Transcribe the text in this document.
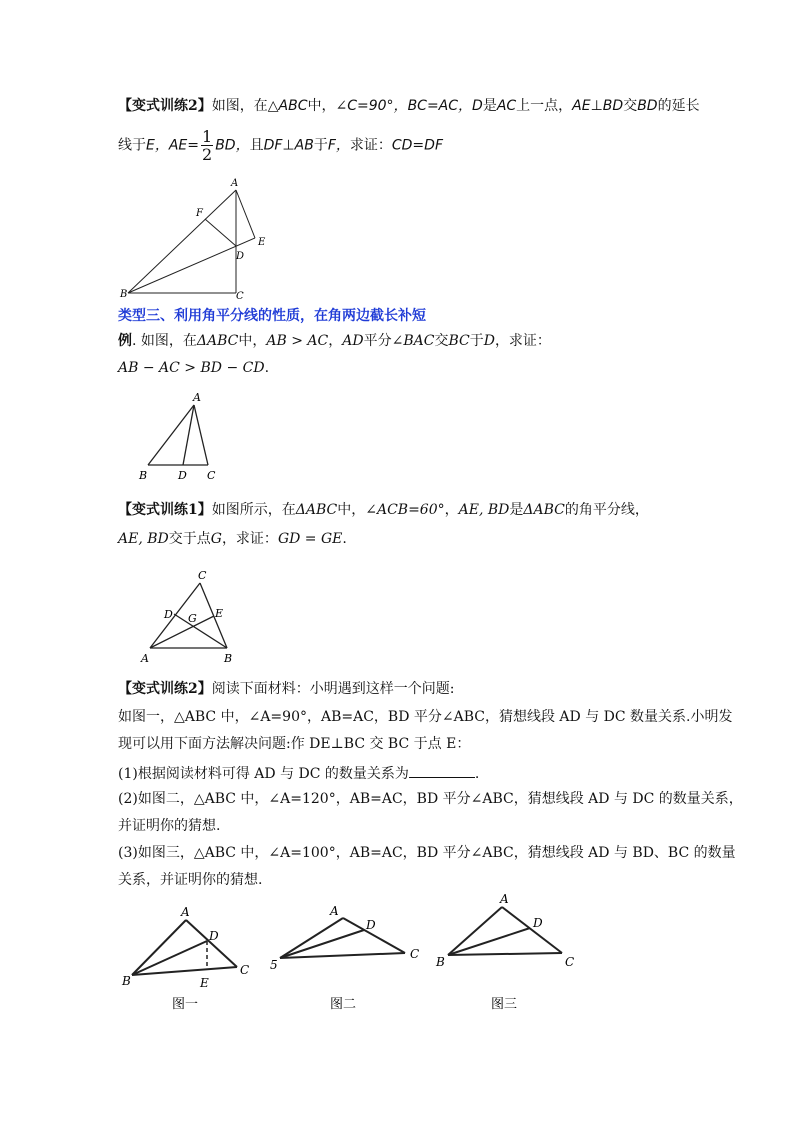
【变式训练2】如图，在△ABC中，∠C=90°，BC=AC，D是AC上一点，AE⊥BD交BD的延长
线于E，$AE= \frac{1}{2}$ BD，且DF⊥AB于F，求证：CD=DF
A
F
E
D
B	C
类型三、利用角平分线的性质，在角两边截长补短
例. 如图，在ΔABC中，AB > AC，AD平分∠BAC交BC于D，求证：
AB − AC > BD − CD.
A
B	D C
【变式训练1】如图所示，在ΔABC中，∠ACB=60°，AE, BD是ΔABC的角平分线，
AE, BD交于点G，求证：GD = GE.
C
D G E
A	B
【变式训练2】阅读下面材料：小明遇到这样一个问题:
如图一，△ABC 中，∠A=90°，AB=AC，BD 平分∠ABC，猜想线段 AD 与 DC 数量关系.小明发
现可以用下面方法解决问题:作 DE⊥BC 交 BC 于点 E：
(1)根据阅读材料可得 AD 与 DC 的数量关系为	.
(2)如图二，△ABC 中，∠A=120°，AB=AC，BD 平分∠ABC，猜想线段 AD 与 DC 的数量关系，
并证明你的猜想.
(3)如图三，△ABC 中，∠A=100°，AB=AC，BD 平分∠ABC，猜想线段 AD 与 BD、BC 的数量
关系，并证明你的猜想.
A
D
B	E
C
图一
A
D
5
C
图二
A
D
B	C
图三
